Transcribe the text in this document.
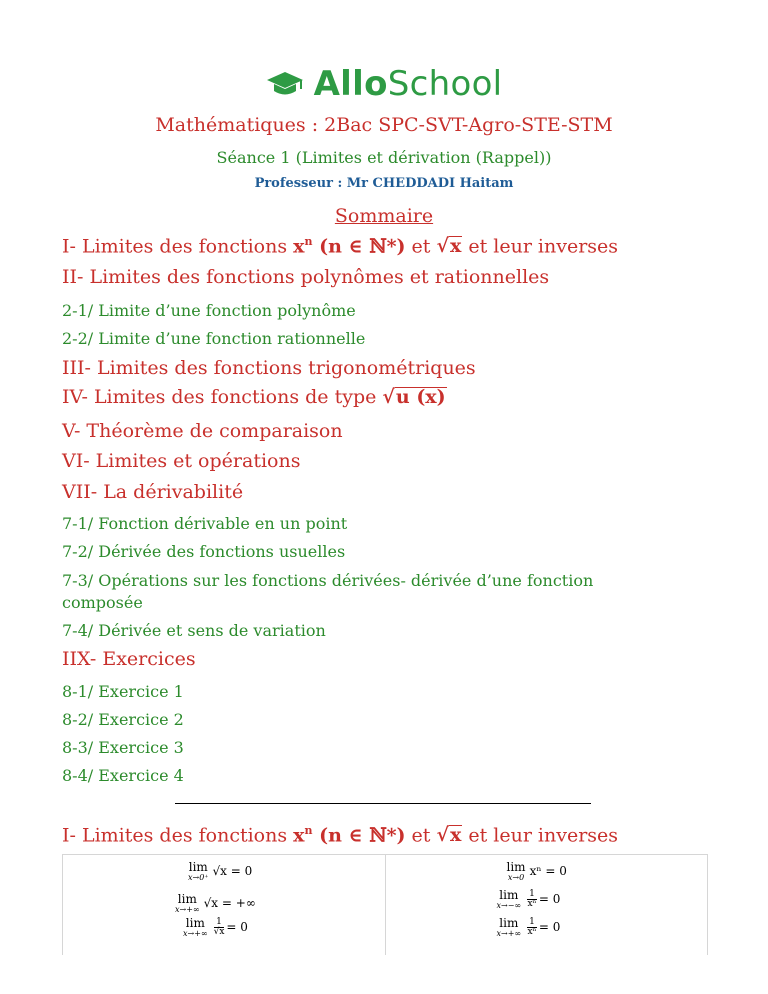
AlloSchool
Mathématiques : 2Bac SPC-SVT-Agro-STE-STM
Séance 1 (Limites et dérivation (Rappel))
Professeur : Mr CHEDDADI Haitam
Sommaire
I- Limites des fonctions $x^n$ (n ∈ ℕ*) et √ x et leur inverses
II- Limites des fonctions polynômes et rationnelles
2-1/ Limite d’une fonction polynôme
2-2/ Limite d’une fonction rationnelle
III- Limites des fonctions trigonométriques
IV- Limites des fonctions de type √ u (x)
V- Théorème de comparaison
VI- Limites et opérations
VII- La dérivabilité
7-1/ Fonction dérivable en un point
7-2/ Dérivée des fonctions usuelles
7-3/ Opérations sur les fonctions dérivées- dérivée d’une fonction composée
7-4/ Dérivée et sens de variation
IIX- Exercices
8-1/ Exercice 1
8-2/ Exercice 2
8-3/ Exercice 3
8-4/ Exercice 4
I- Limites des fonctions $x^n$ (n ∈ ℕ*) et √ x et leur inverses
lim
x→0⁺ √x = 0
lim
x→+∞ √x = +∞
lim
$x\to+\infty \frac{1}{√x} = 0$
lim
x→0 xⁿ = 0
lim
$x\to-\infty \frac{1}{\text{xⁿ}} = 0$
lim
$x\to+\infty \frac{1}{\text{xⁿ}} = 0$
